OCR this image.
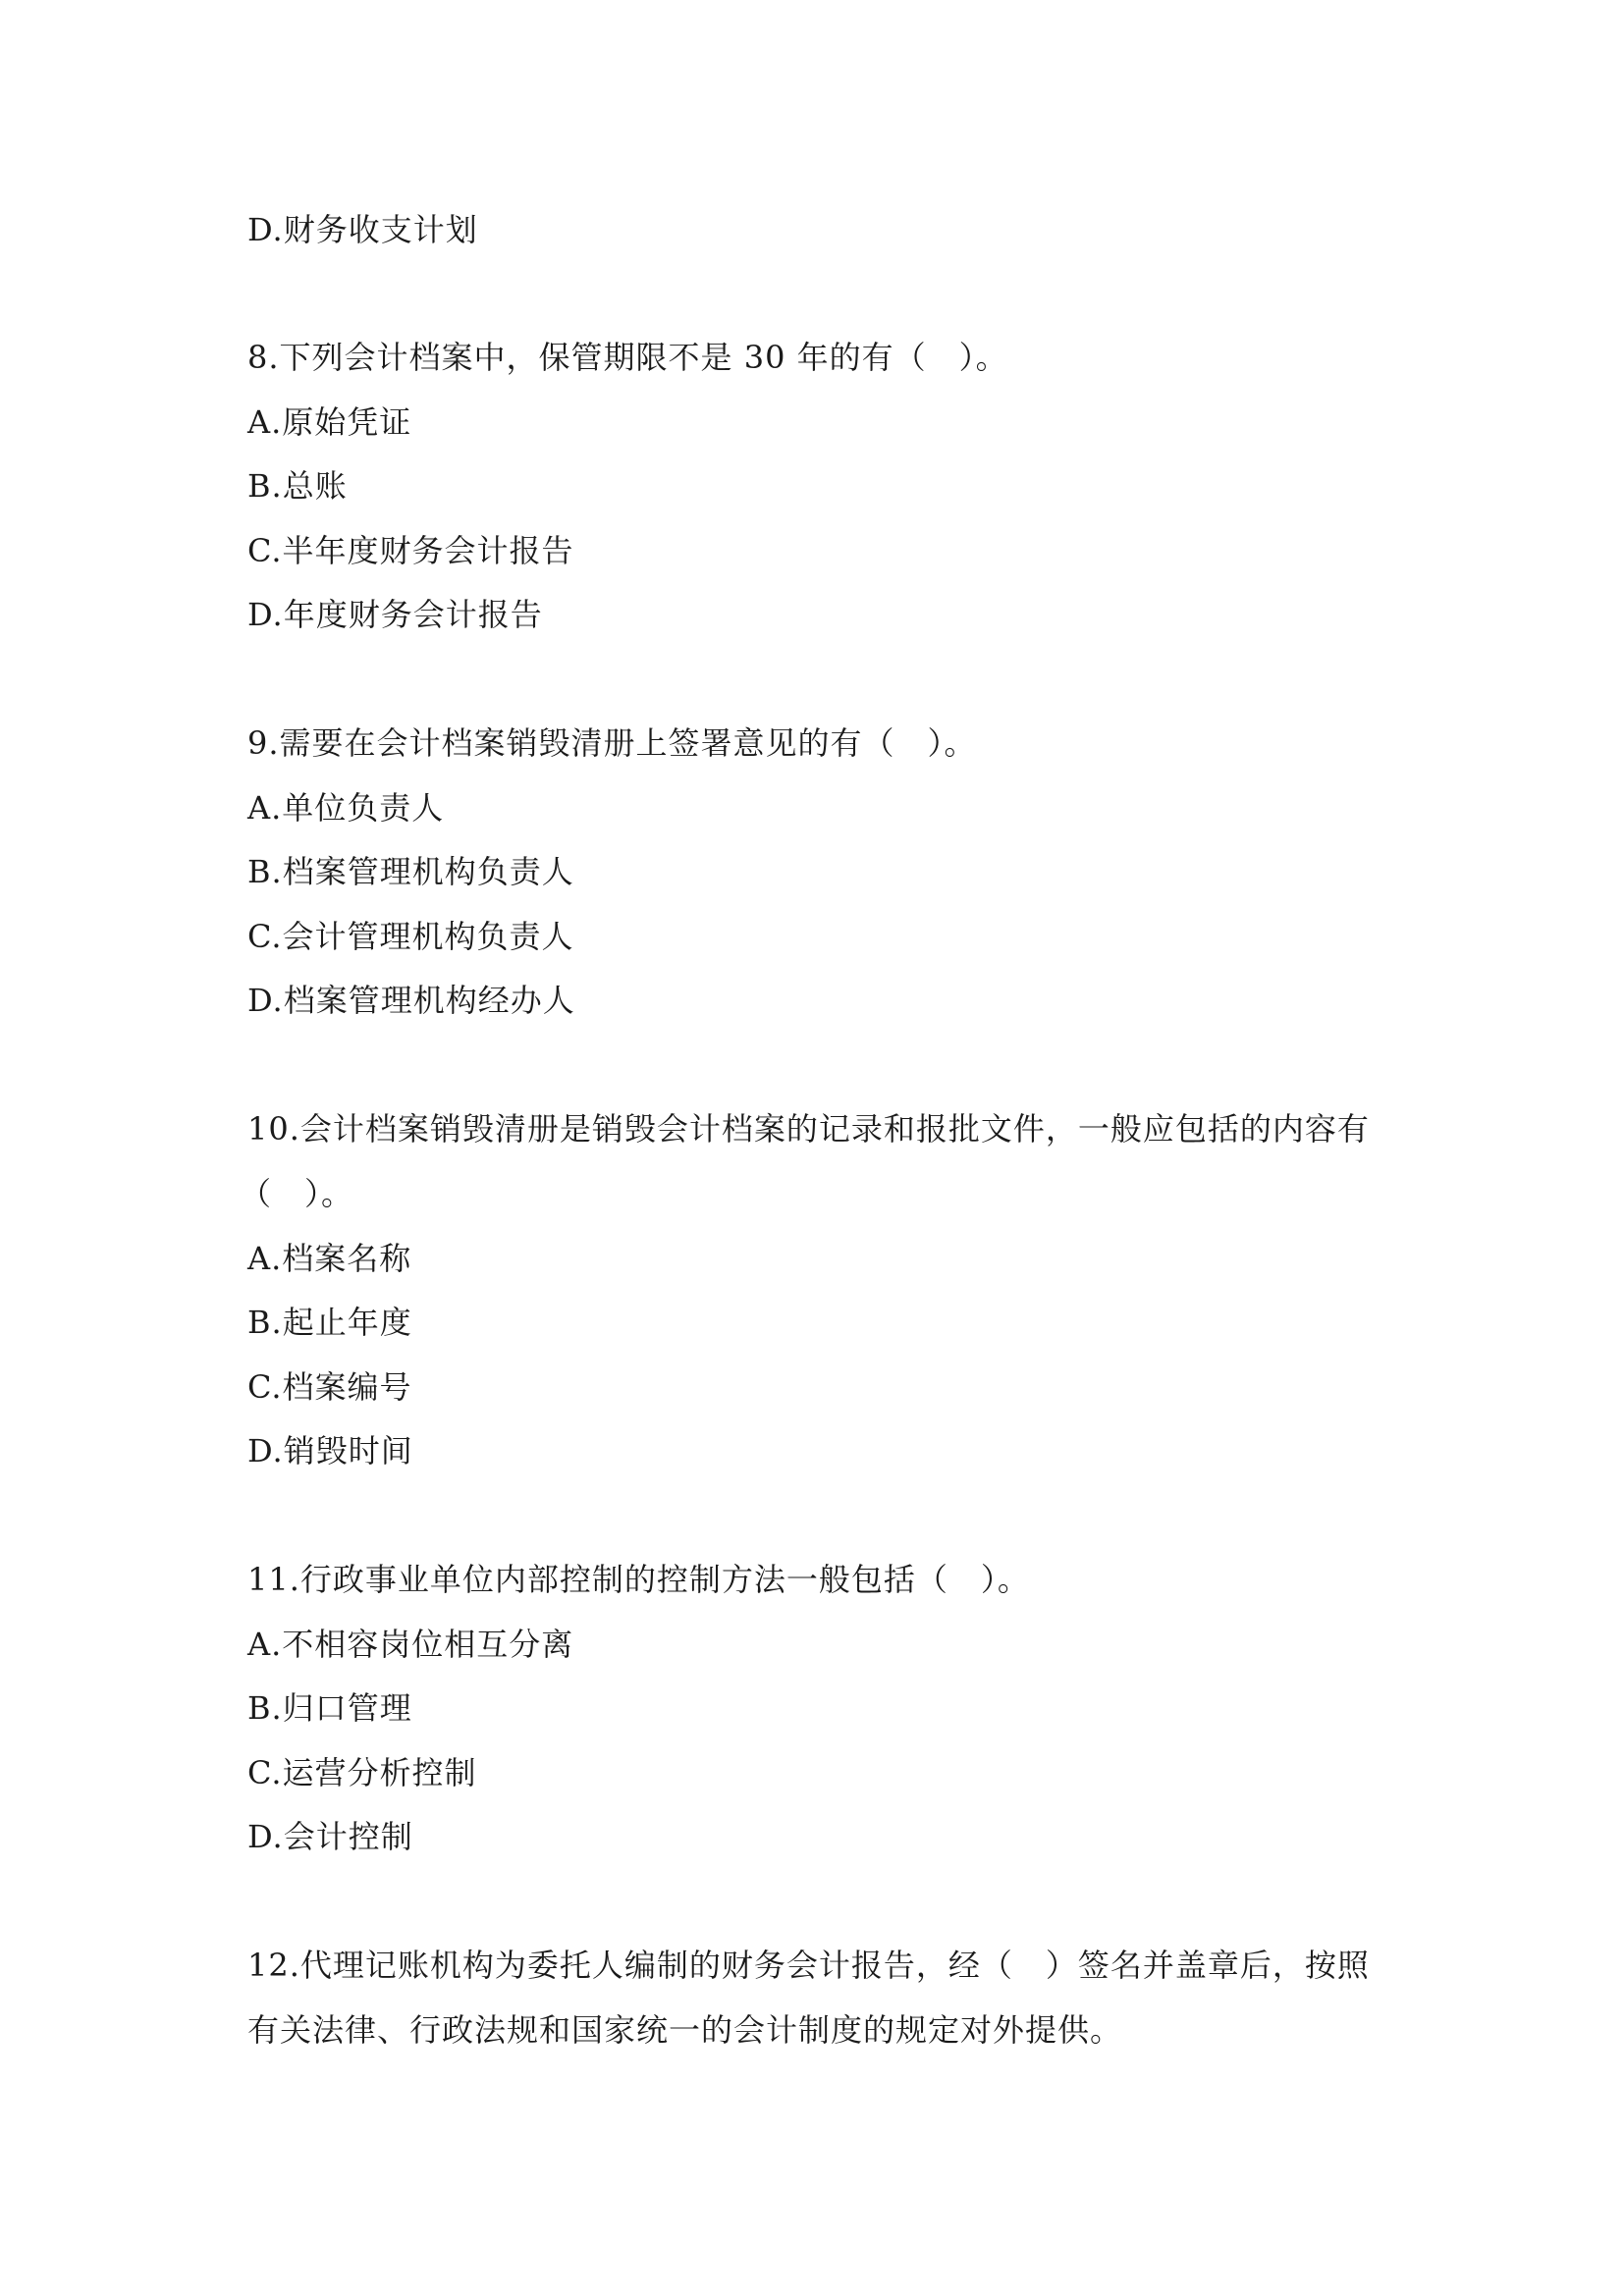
D.财务收支计划
8.下列会计档案中，保管期限不是 30 年的有（　）。
A.原始凭证
B.总账
C.半年度财务会计报告
D.年度财务会计报告
9.需要在会计档案销毁清册上签署意见的有（　）。
A.单位负责人
B.档案管理机构负责人
C.会计管理机构负责人
D.档案管理机构经办人
10.会计档案销毁清册是销毁会计档案的记录和报批文件，一般应包括的内容有
（　）。
A.档案名称
B.起止年度
C.档案编号
D.销毁时间
11.行政事业单位内部控制的控制方法一般包括（　）。
A.不相容岗位相互分离
B.归口管理
C.运营分析控制
D.会计控制
12.代理记账机构为委托人编制的财务会计报告，经（　）签名并盖章后，按照
有关法律、行政法规和国家统一的会计制度的规定对外提供。
